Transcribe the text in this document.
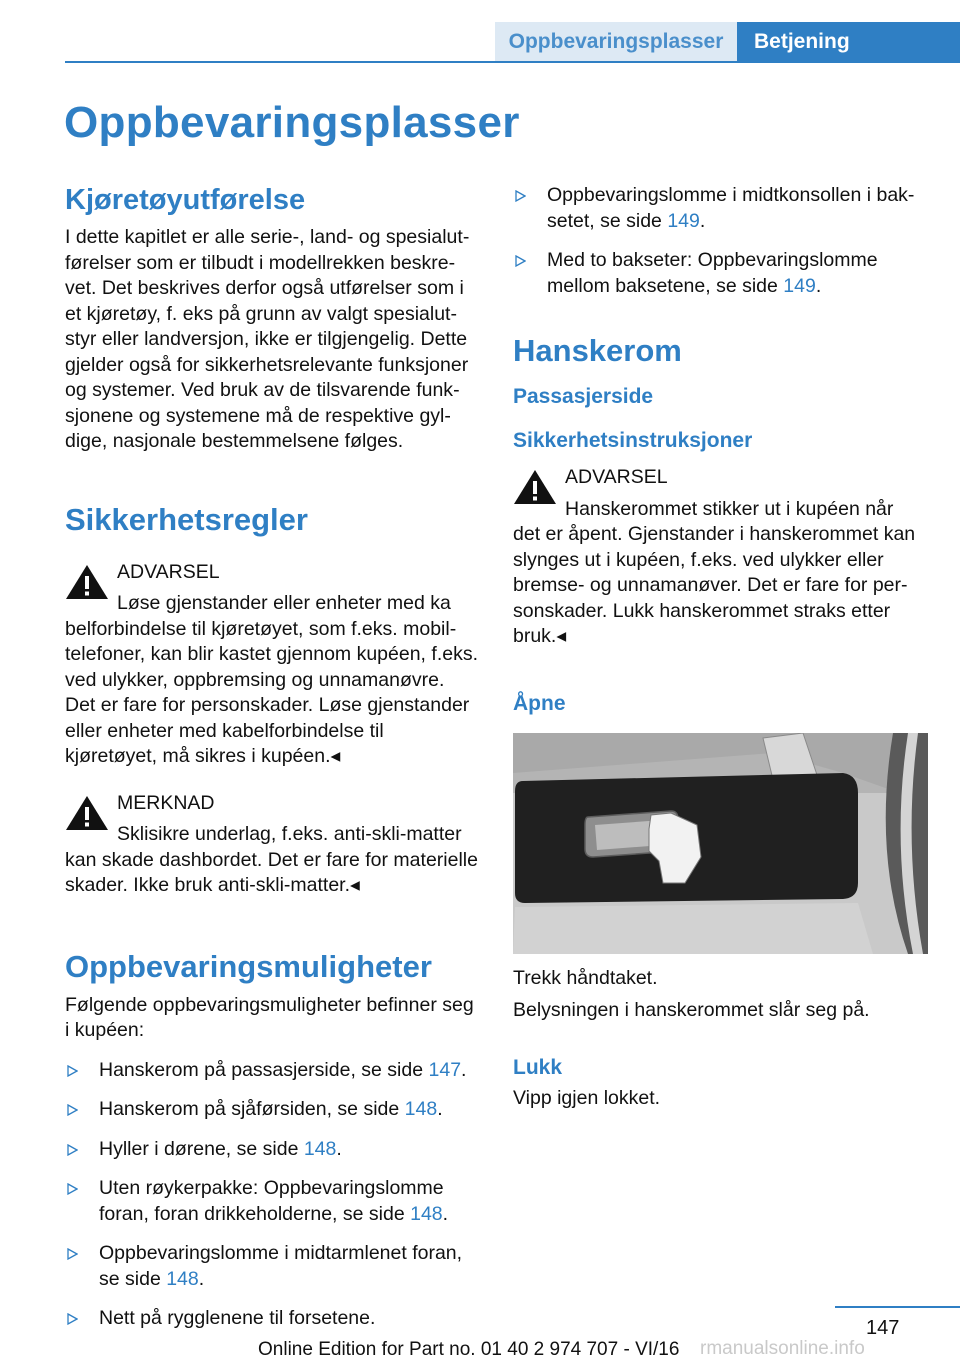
Oppbevaringsplasser	Betjening
Oppbevaringsplasser
Kjøretøyutførelse

I dette kapitlet er alle serie-, land- og spesialutførelser som er tilbudt i modellrekken beskrevet. Det beskrives derfor også utførelser som i et kjøretøy, f. eks på grunn av valgt spesialutstyr eller landversjon, ikke er tilgjengelig. Dette gjelder også for sikkerhetsrelevante funksjoner og systemer. Ved bruk av de tilsvarende funksjonene og systemene må de respektive gyldige, nasjonale bestemmelsene følges.

Sikkerhetsregler

ADVARSEL

Løse gjenstander eller enheter med ka

belforbindelse til kjøretøyet, som f.eks. mobiltelefoner, kan blir kastet gjennom kupéen, f.eks. ved ulykker, oppbremsing og unnamanøvre. Det er fare for personskader. Løse gjenstander eller enheter med kabelforbindelse til kjøretøyet, må sikres i kupéen.◂

MERKNAD

Sklisikre underlag, f.eks. anti-skli-matter

kan skade dashbordet. Det er fare for materielle skader. Ikke bruk anti-skli-matter.◂

Oppbevaringsmuligheter

Følgende oppbevaringsmuligheter befinner seg i kupéen:

Hanskerom på passasjerside, se side 147.
Hanskerom på sjåførsiden, se side 148.
Hyller i dørene, se side 148.
Uten røykerpakke: Oppbevaringslomme foran, foran drikkeholderne, se side 148.
Oppbevaringslomme i midtarmlenet foran, se side 148.
Nett på rygglenene til forsetene.
Oppbevaringslomme i midtkonsollen i baksetet, se side 149.
Med to bakseter: Oppbevaringslomme mellom baksetene, se side 149.
Hanskerom
Passasjerside
Sikkerhetsinstruksjoner

ADVARSEL

Hanskerommet stikker ut i kupéen når

det er åpent. Gjenstander i hanskerommet kan slynges ut i kupéen, f.eks. ved ulykker eller bremse- og unnamanøver. Det er fare for personskader. Lukk hanskerommet straks etter bruk.◂

Åpne

Trekk håndtaket.

Belysningen i hanskerommet slår seg på.

Lukk

Vipp igjen lokket.

147
Online Edition for Part no. 01 40 2 974 707 - VI/16 rmanualsonline.info
